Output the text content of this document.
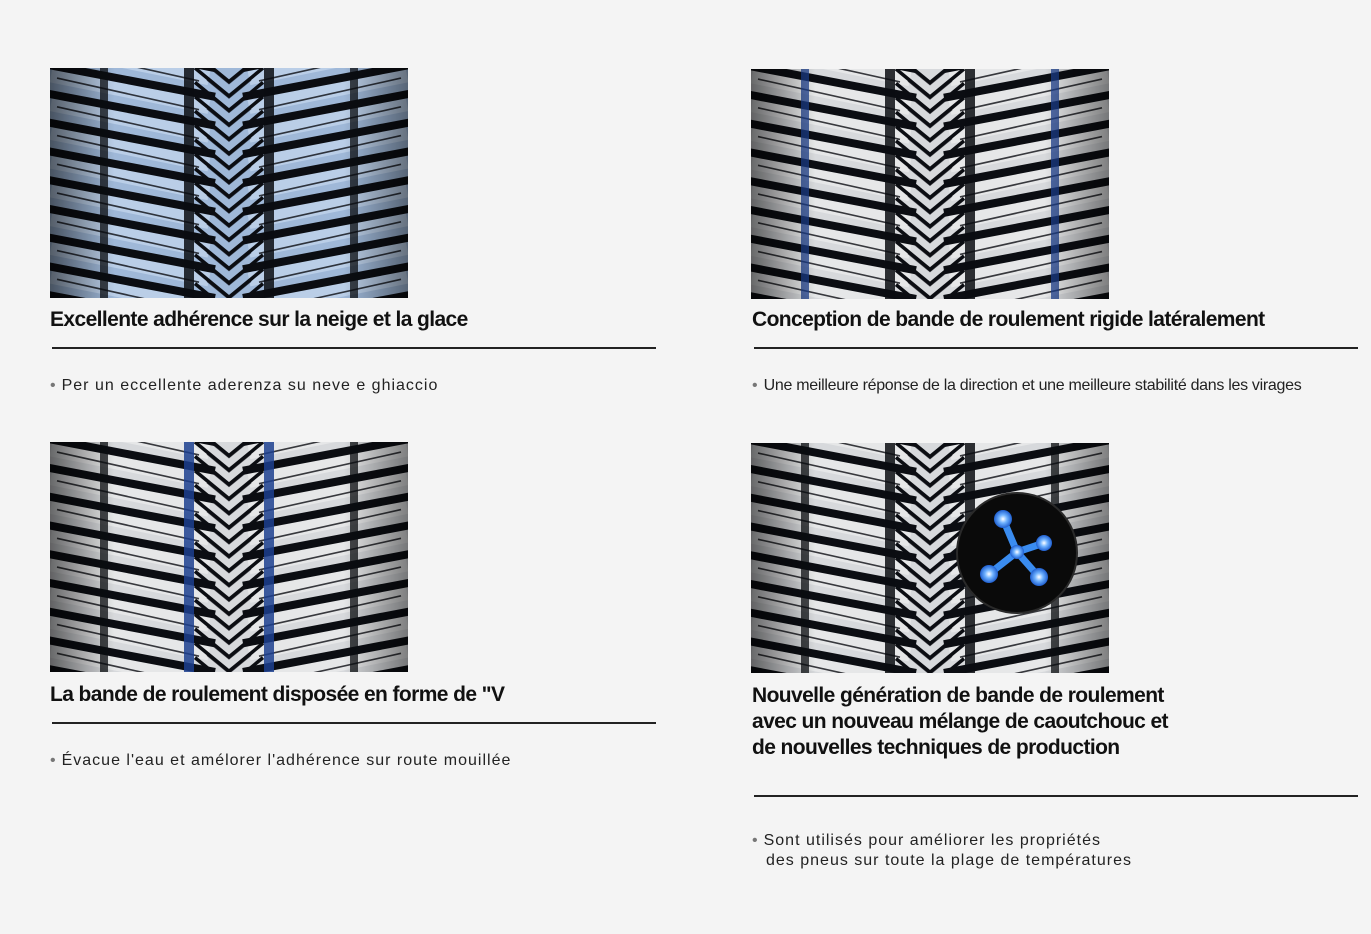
Excellente adhérence sur la neige et la glace
• Per un eccellente aderenza su neve e ghiaccio
Conception de bande de roulement rigide latéralement
• Une meilleure réponse de la direction et une meilleure stabilité dans les virages
La bande de roulement disposée en forme de "V
• Évacue l'eau et amélorer l'adhérence sur route mouillée
Nouvelle génération de bande de roulement
avec un nouveau mélange de caoutchouc et
de nouvelles techniques de production
• Sont utilisés pour améliorer les propriétés
des pneus sur toute la plage de températures
